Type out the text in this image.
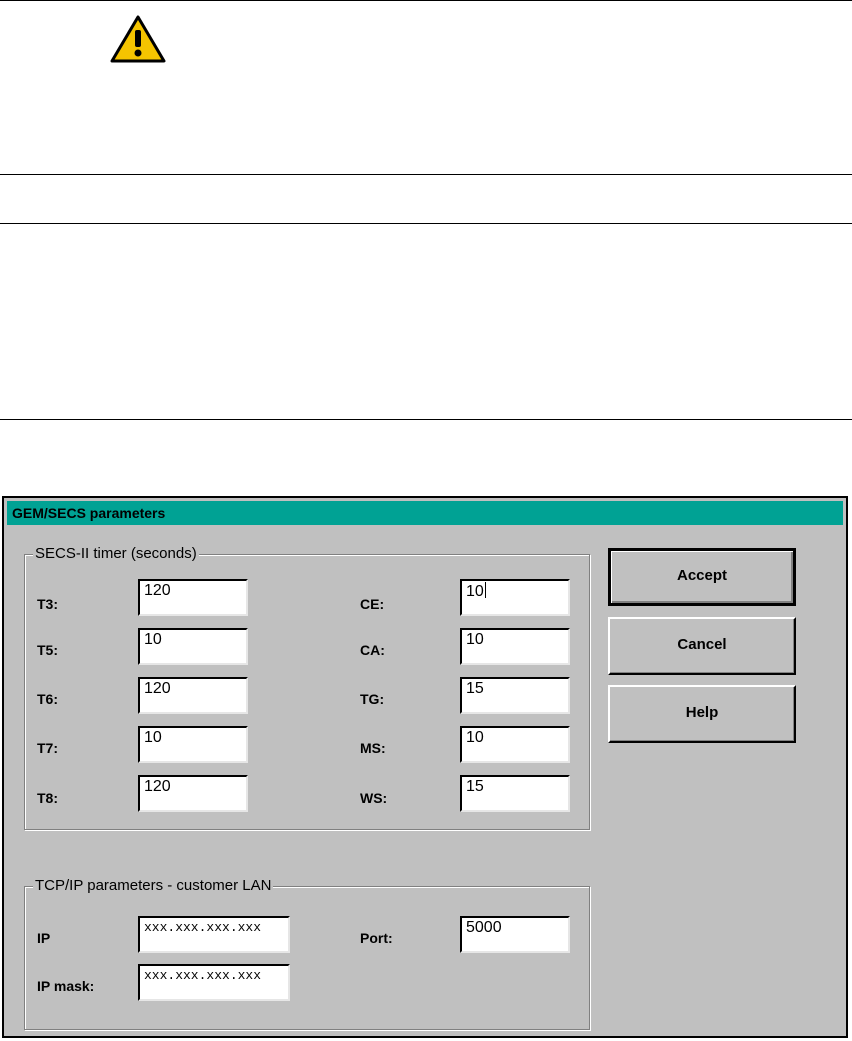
GEM/SECS parameters
SECS-II timer (seconds)
T3:
120
T5:
10
T6:
120
T7:
10
T8:
120
CE:
10
CA:
10
TG:
15
MS:
10
WS:
15
TCP/IP parameters - customer LAN
IP
xxx.xxx.xxx.xxx
IP mask:
xxx.xxx.xxx.xxx
Port:
5000
Accept
Cancel
Help
